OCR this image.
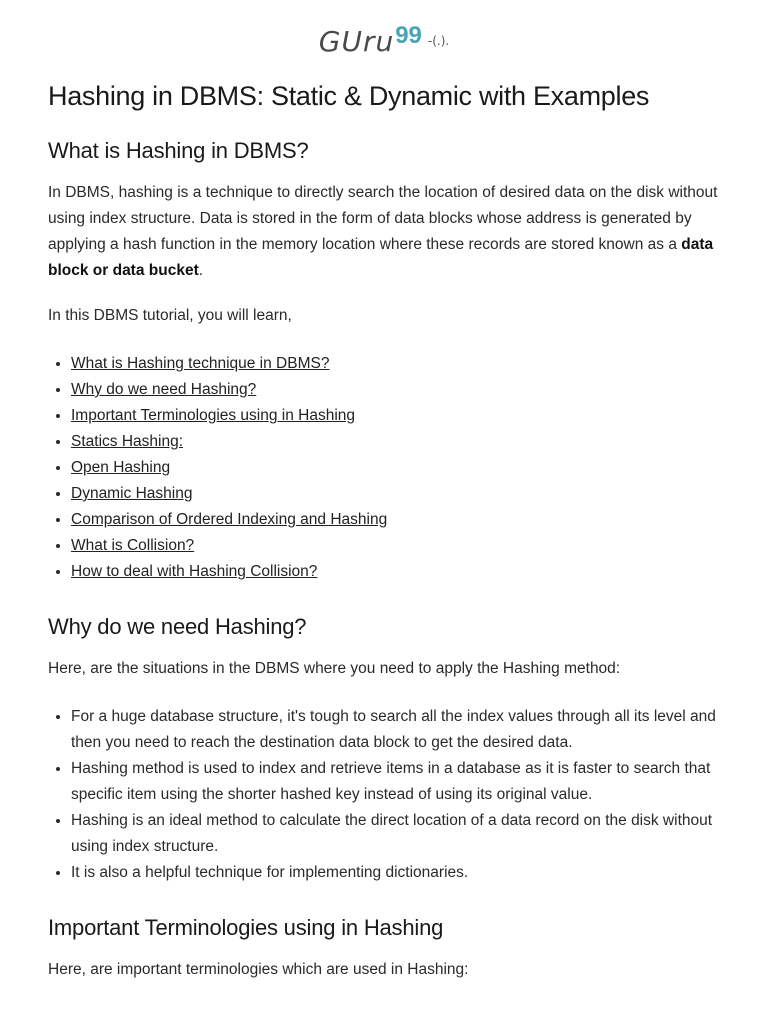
GUru99 -(.).
Hashing in DBMS: Static & Dynamic with Examples
What is Hashing in DBMS?

In DBMS, hashing is a technique to directly search the location of desired data on the disk without using index structure. Data is stored in the form of data blocks whose address is generated by applying a hash function in the memory location where these records are stored known as a data block or data bucket.

In this DBMS tutorial, you will learn,

• What is Hashing technique in DBMS?
• Why do we need Hashing?
• Important Terminologies using in Hashing
• Statics Hashing:
• Open Hashing
• Dynamic Hashing
• Comparison of Ordered Indexing and Hashing
• What is Collision?
• How to deal with Hashing Collision?
Why do we need Hashing?

Here, are the situations in the DBMS where you need to apply the Hashing method:

• For a huge database structure, it's tough to search all the index values through all its level and then you need to reach the destination data block to get the desired data.
• Hashing method is used to index and retrieve items in a database as it is faster to search that specific item using the shorter hashed key instead of using its original value.
• Hashing is an ideal method to calculate the direct location of a data record on the disk without using index structure.
• It is also a helpful technique for implementing dictionaries.
Important Terminologies using in Hashing

Here, are important terminologies which are used in Hashing:
